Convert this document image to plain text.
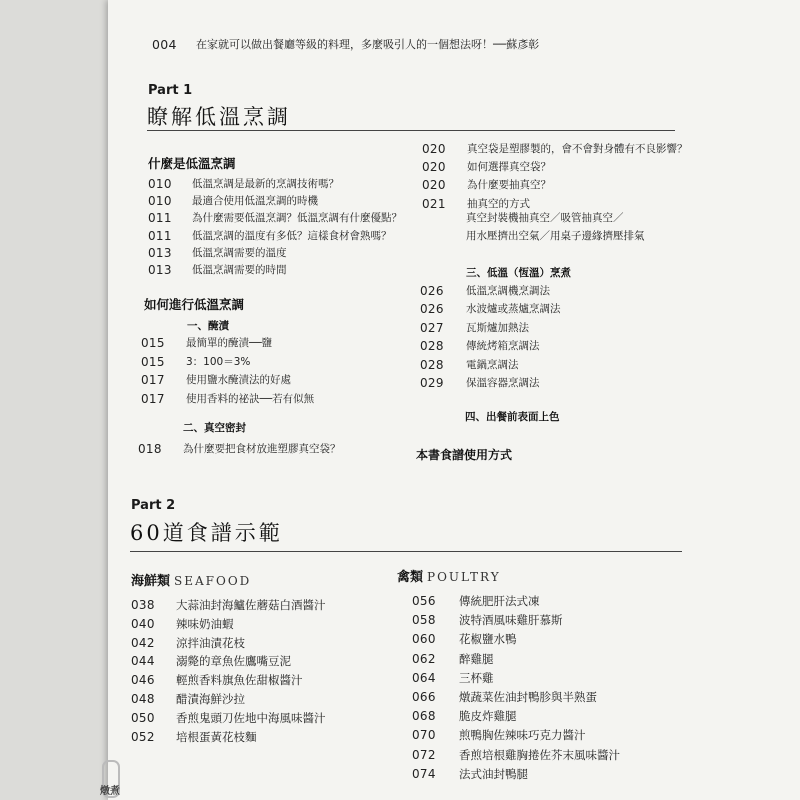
004 在家就可以做出餐廳等級的料理，多麼吸引人的一個想法呀！──蘇彥彰
Part 1
瞭解低溫烹調
什麼是低溫烹調
010 低溫烹調是最新的烹調技術嗎？
010 最適合使用低溫烹調的時機
011 為什麼需要低溫烹調？低溫烹調有什麼優點？
011 低溫烹調的溫度有多低？這樣食材會熟嗎？
013 低溫烹調需要的溫度
013 低溫烹調需要的時間
如何進行低溫烹調
一、醃漬
015 最簡單的醃漬──鹽
015 3：100＝3%
017 使用鹽水醃漬法的好處
017 使用香料的祕訣──若有似無
二、真空密封
018 為什麼要把食材放進塑膠真空袋？
020 真空袋是塑膠製的，會不會對身體有不良影響？
020 如何選擇真空袋？
020 為什麼要抽真空？
021 抽真空的方式
真空封裝機抽真空／吸管抽真空／
用水壓擠出空氣／用桌子邊緣擠壓排氣
三、低溫（恆溫）烹煮
026 低溫烹調機烹調法
026 水波爐或蒸爐烹調法
027 瓦斯爐加熱法
028 傳統烤箱烹調法
028 電鍋烹調法
029 保溫容器烹調法
四、出餐前表面上色
本書食譜使用方式
Part 2
60道食譜示範
海鮮類 SEAFOOD
038 大蒜油封海鱸佐蘑菇白酒醬汁
040 辣味奶油蝦
042 涼拌油漬花枝
044 溺斃的章魚佐鷹嘴豆泥
046 輕煎香料旗魚佐甜椒醬汁
048 醋漬海鮮沙拉
050 香煎鬼頭刀佐地中海風味醬汁
052 培根蛋黃花枝麵
禽類 POULTRY
056 傳統肥肝法式凍
058 波特酒風味雞肝慕斯
060 花椒鹽水鴨
062 醉雞腿
064 三杯雞
066 燉蔬菜佐油封鴨胗與半熟蛋
068 脆皮炸雞腿
070 煎鴨胸佐辣味巧克力醬汁
072 香煎培根雞胸捲佐芥末風味醬汁
074 法式油封鴨腿
燉煮
